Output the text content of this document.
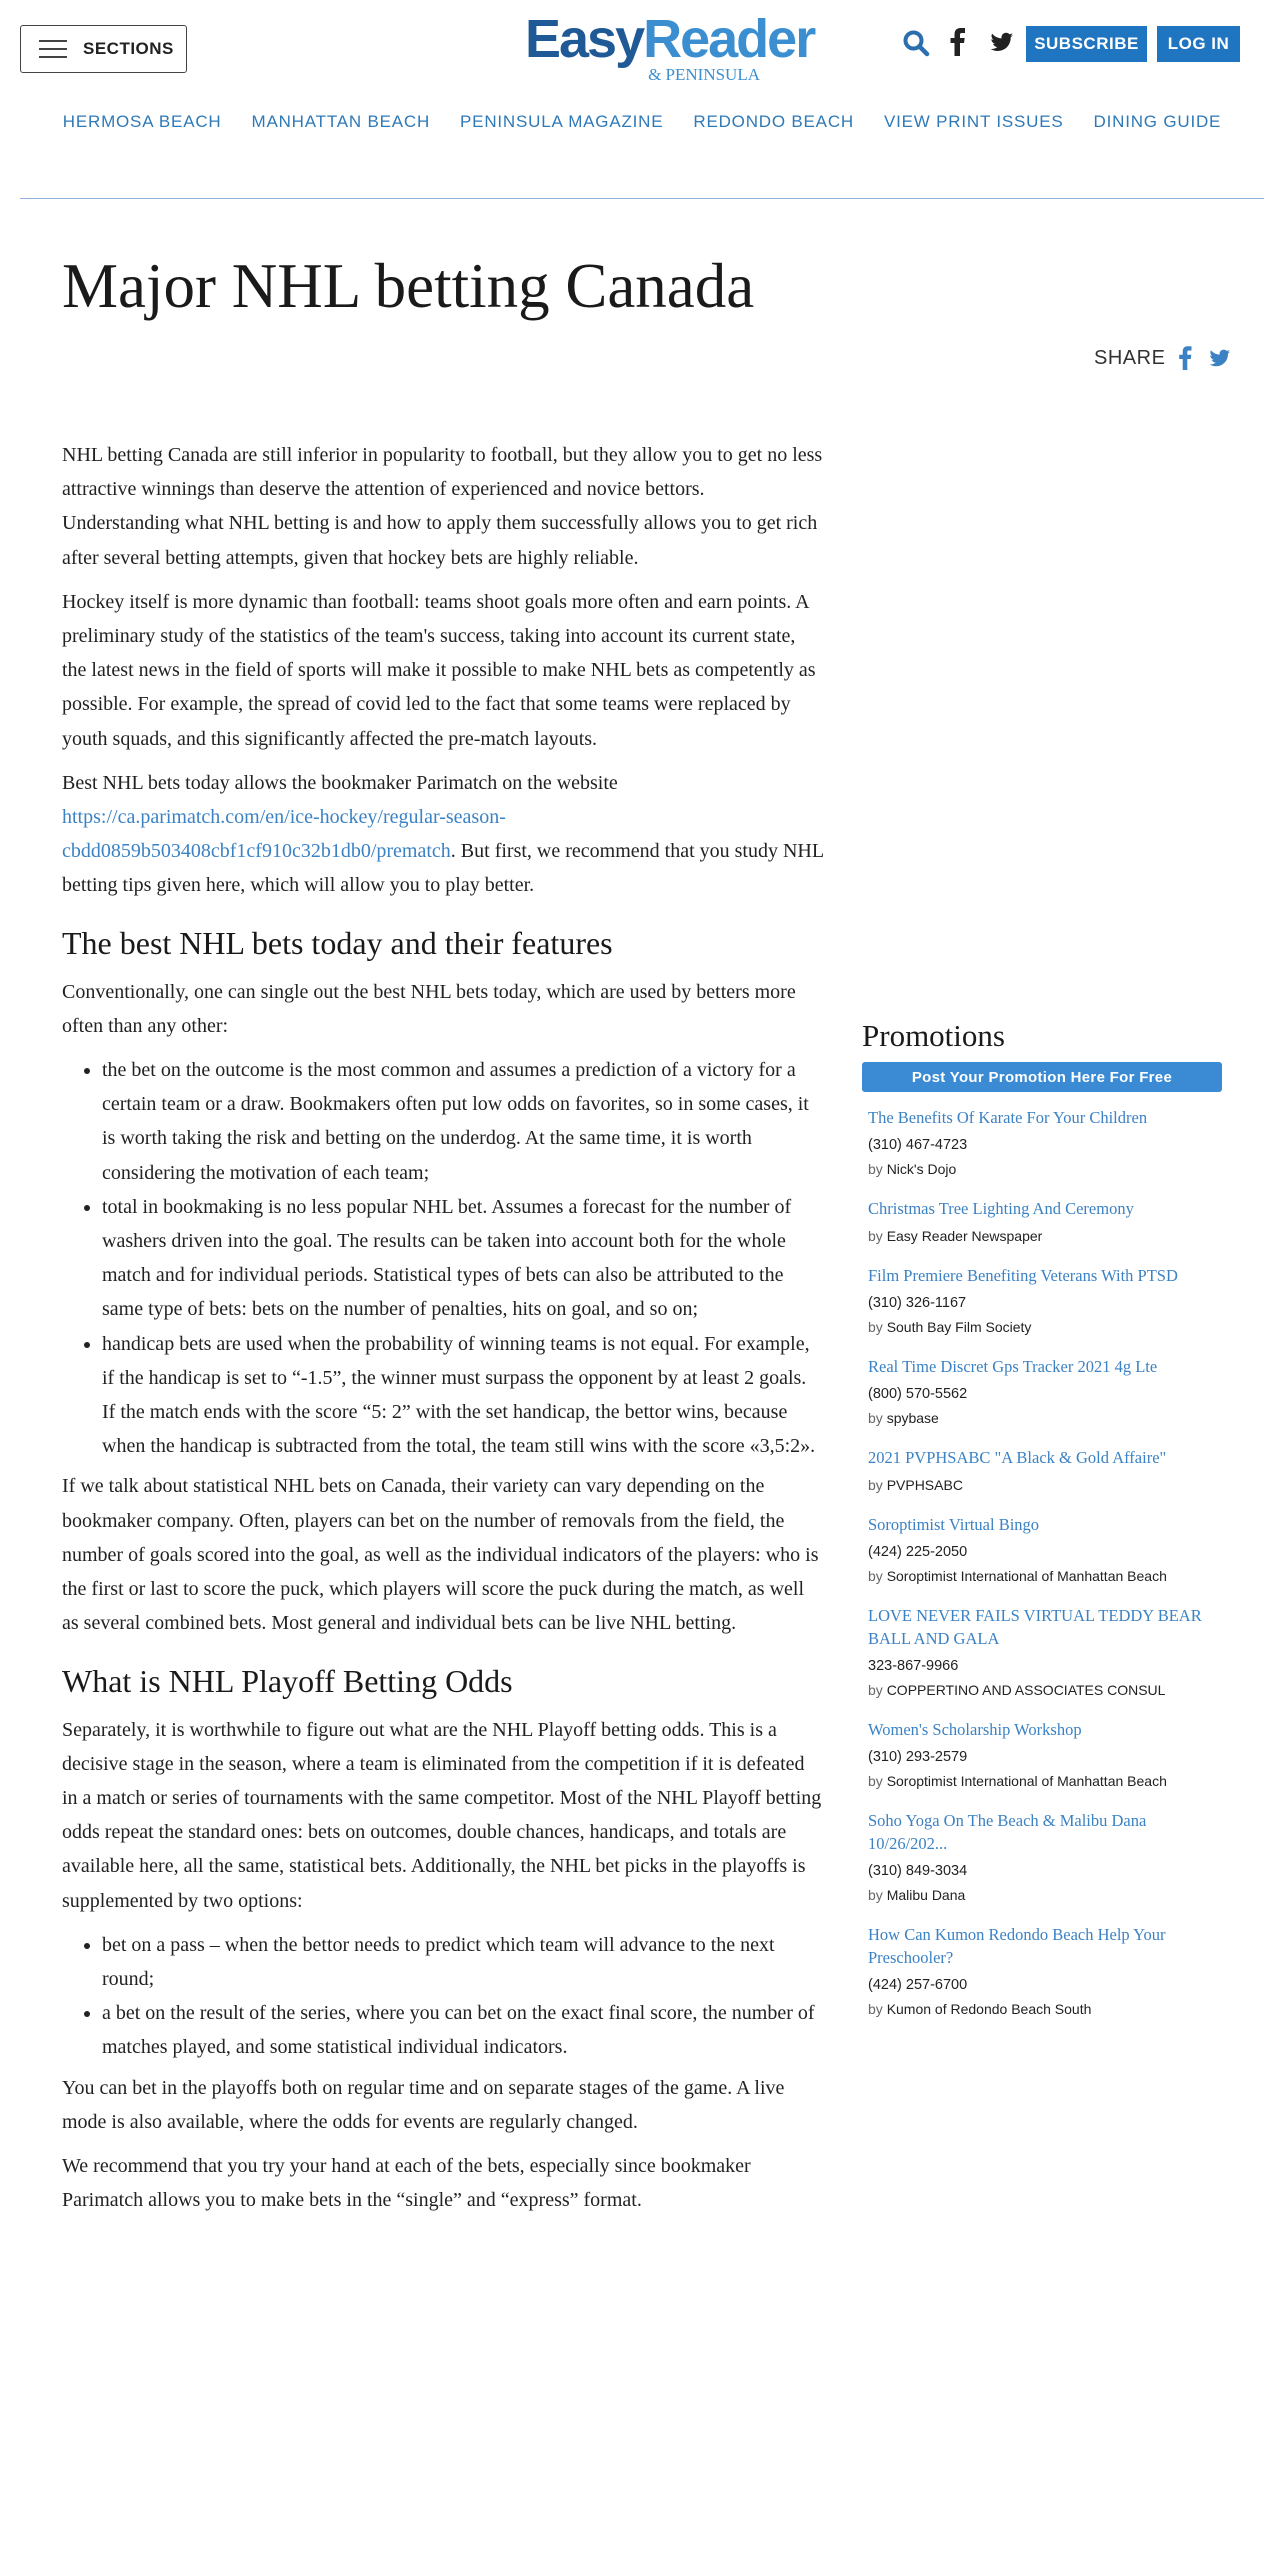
SECTIONS	EasyReader
& PENINSULA
SUBSCRIBE	LOG IN
HERMOSA BEACH	MANHATTAN BEACH	PENINSULA MAGAZINE	REDONDO BEACH	VIEW PRINT ISSUES	DINING GUIDE
Major NHL betting Canada
SHARE

NHL betting Canada are still inferior in popularity to football, but they allow you to get no less attractive winnings than deserve the attention of experienced and novice bettors. Understanding what NHL betting is and how to apply them successfully allows you to get rich after several betting attempts, given that hockey bets are highly reliable.

Hockey itself is more dynamic than football: teams shoot goals more often and earn points. A preliminary study of the statistics of the team's success, taking into account its current state, the latest news in the field of sports will make it possible to make NHL bets as competently as possible. For example, the spread of covid led to the fact that some teams were replaced by youth squads, and this significantly affected the pre-match layouts.

Best NHL bets today allows the bookmaker Parimatch on the website https://ca.parimatch.com/en/ice-hockey/regular-season-cbdd0859b503408cbf1cf910c32b1db0/prematch. But first, we recommend that you study NHL betting tips given here, which will allow you to play better.

The best NHL bets today and their features

Conventionally, one can single out the best NHL bets today, which are used by betters more often than any other:

• the bet on the outcome is the most common and assumes a prediction of a victory for a certain team or a draw. Bookmakers often put low odds on favorites, so in some cases, it is worth taking the risk and betting on the underdog. At the same time, it is worth considering the motivation of each team;
• total in bookmaking is no less popular NHL bet. Assumes a forecast for the number of washers driven into the goal. The results can be taken into account both for the whole match and for individual periods. Statistical types of bets can also be attributed to the same type of bets: bets on the number of penalties, hits on goal, and so on;
• handicap bets are used when the probability of winning teams is not equal. For example, if the handicap is set to “-1.5”, the winner must surpass the opponent by at least 2 goals. If the match ends with the score “5: 2” with the set handicap, the bettor wins, because when the handicap is subtracted from the total, the team still wins with the score «3,5:2».

If we talk about statistical NHL bets on Canada, their variety can vary depending on the bookmaker company. Often, players can bet on the number of removals from the field, the number of goals scored into the goal, as well as the individual indicators of the players: who is the first or last to score the puck, which players will score the puck during the match, as well as several combined bets. Most general and individual bets can be live NHL betting.

What is NHL Playoff Betting Odds

Separately, it is worthwhile to figure out what are the NHL Playoff betting odds. This is a decisive stage in the season, where a team is eliminated from the competition if it is defeated in a match or series of tournaments with the same competitor. Most of the NHL Playoff betting odds repeat the standard ones: bets on outcomes, double chances, handicaps, and totals are available here, all the same, statistical bets. Additionally, the NHL bet picks in the playoffs is supplemented by two options:

• bet on a pass – when the bettor needs to predict which team will advance to the next round;
• a bet on the result of the series, where you can bet on the exact final score, the number of matches played, and some statistical individual indicators.

You can bet in the playoffs both on regular time and on separate stages of the game. A live mode is also available, where the odds for events are regularly changed.

We recommend that you try your hand at each of the bets, especially since bookmaker Parimatch allows you to make bets in the “single” and “express” format.

Promotions
Post Your Promotion Here For Free
The Benefits Of Karate For Your Children
(310) 467-4723
by Nick's Dojo
Christmas Tree Lighting And Ceremony
by Easy Reader Newspaper
Film Premiere Benefiting Veterans With PTSD
(310) 326-1167
by South Bay Film Society
Real Time Discret Gps Tracker 2021 4g Lte
(800) 570-5562
by spybase
2021 PVPHSABC "A Black & Gold Affaire"
by PVPHSABC
Soroptimist Virtual Bingo
(424) 225-2050
by Soroptimist International of Manhattan Beach
LOVE NEVER FAILS VIRTUAL TEDDY BEAR BALL AND GALA
323-867-9966
by COPPERTINO AND ASSOCIATES CONSUL
Women's Scholarship Workshop
(310) 293-2579
by Soroptimist International of Manhattan Beach
Soho Yoga On The Beach & Malibu Dana 10/26/202...
(310) 849-3034
by Malibu Dana
How Can Kumon Redondo Beach Help Your Preschooler?
(424) 257-6700
by Kumon of Redondo Beach South
